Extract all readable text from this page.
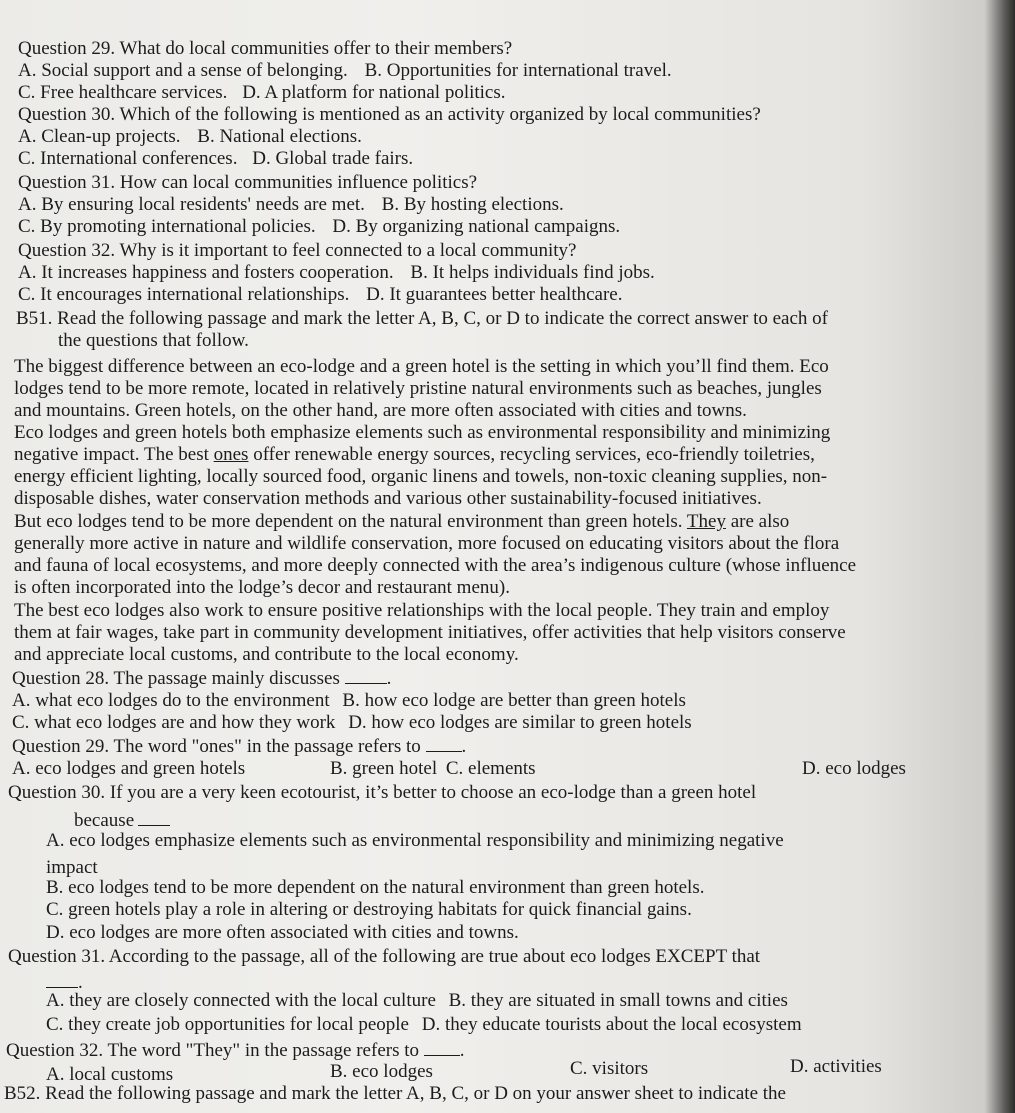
Question 29. What do local communities offer to their members?
A. Social support and a sense of belonging. B. Opportunities for international travel.
C. Free healthcare services. D. A platform for national politics.
Question 30. Which of the following is mentioned as an activity organized by local communities?
A. Clean-up projects. B. National elections.
C. International conferences. D. Global trade fairs.
Question 31. How can local communities influence politics?
A. By ensuring local residents' needs are met. B. By hosting elections.
C. By promoting international policies. D. By organizing national campaigns.
Question 32. Why is it important to feel connected to a local community?
A. It increases happiness and fosters cooperation. B. It helps individuals find jobs.
C. It encourages international relationships. D. It guarantees better healthcare.
B51. Read the following passage and mark the letter A, B, C, or D to indicate the correct answer to each of
the questions that follow.
The biggest difference between an eco-lodge and a green hotel is the setting in which you’ll find them. Eco
lodges tend to be more remote, located in relatively pristine natural environments such as beaches, jungles
and mountains. Green hotels, on the other hand, are more often associated with cities and towns.
Eco lodges and green hotels both emphasize elements such as environmental responsibility and minimizing
negative impact. The best ones offer renewable energy sources, recycling services, eco-friendly toiletries,
energy efficient lighting, locally sourced food, organic linens and towels, non-toxic cleaning supplies, non-
disposable dishes, water conservation methods and various other sustainability-focused initiatives.
But eco lodges tend to be more dependent on the natural environment than green hotels. They are also
generally more active in nature and wildlife conservation, more focused on educating visitors about the flora
and fauna of local ecosystems, and more deeply connected with the area’s indigenous culture (whose influence
is often incorporated into the lodge’s decor and restaurant menu).
The best eco lodges also work to ensure positive relationships with the local people. They train and employ
them at fair wages, take part in community development initiatives, offer activities that help visitors conserve
and appreciate local customs, and contribute to the local economy.
Question 28. The passage mainly discusses .
A. what eco lodges do to the environment B. how eco lodge are better than green hotels
C. what eco lodges are and how they work D. how eco lodges are similar to green hotels
Question 29. The word "ones" in the passage refers to .
A. eco lodges and green hotels	B. green hotel C. elements	D. eco lodges
Question 30. If you are a very keen ecotourist, it’s better to choose an eco-lodge than a green hotel
because
A. eco lodges emphasize elements such as environmental responsibility and minimizing negative
impact
B. eco lodges tend to be more dependent on the natural environment than green hotels.
C. green hotels play a role in altering or destroying habitats for quick financial gains.
D. eco lodges are more often associated with cities and towns.
Question 31. According to the passage, all of the following are true about eco lodges EXCEPT that
.
A. they are closely connected with the local culture B. they are situated in small towns and cities
C. they create job opportunities for local people D. they educate tourists about the local ecosystem
Question 32. The word "They" in the passage refers to .
A. local customs	B. eco lodges	C. visitors	D. activities
B52. Read the following passage and mark the letter A, B, C, or D on your answer sheet to indicate the
